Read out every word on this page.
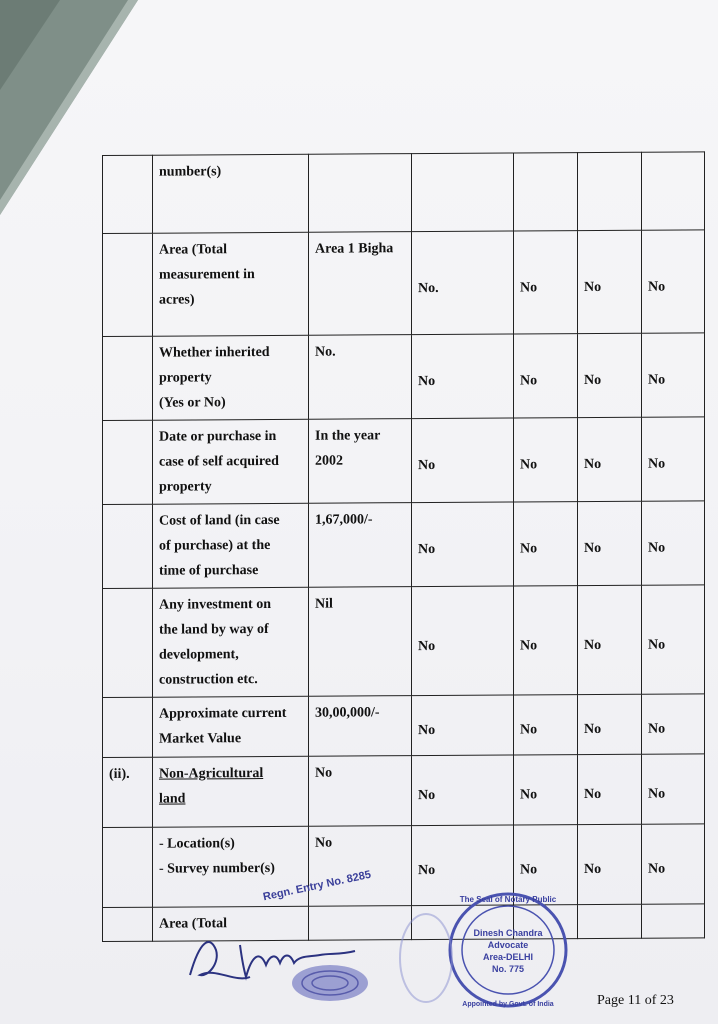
	number(s)					

	Area (Total
measurement in
acres)	Area 1 Bigha	No.	No	No	No

	Whether inherited
property
(Yes or No)	No.	No	No	No	No

	Date or purchase in
case of self acquired
property	In the year 2002	No	No	No	No

	Cost of land (in case
of purchase) at the
time of purchase	1,67,000/-	No	No	No	No

	Any investment on
the land by way of
development,
construction etc.	Nil	No	No	No	No

	Approximate current
Market Value	30,00,000/-	No	No	No	No
(ii).	Non-Agricultural
land	No	No	No	No	No

	- Location(s)
- Survey number(s)	No	No	No	No	No

	Area (Total					

Regn. Entry No. 8285
Dinesh Chandra
Advocate
Area-DELHI
No. 775
The Seal of Notary Public
Appointed by Govt. of India	Page 11 of 23
